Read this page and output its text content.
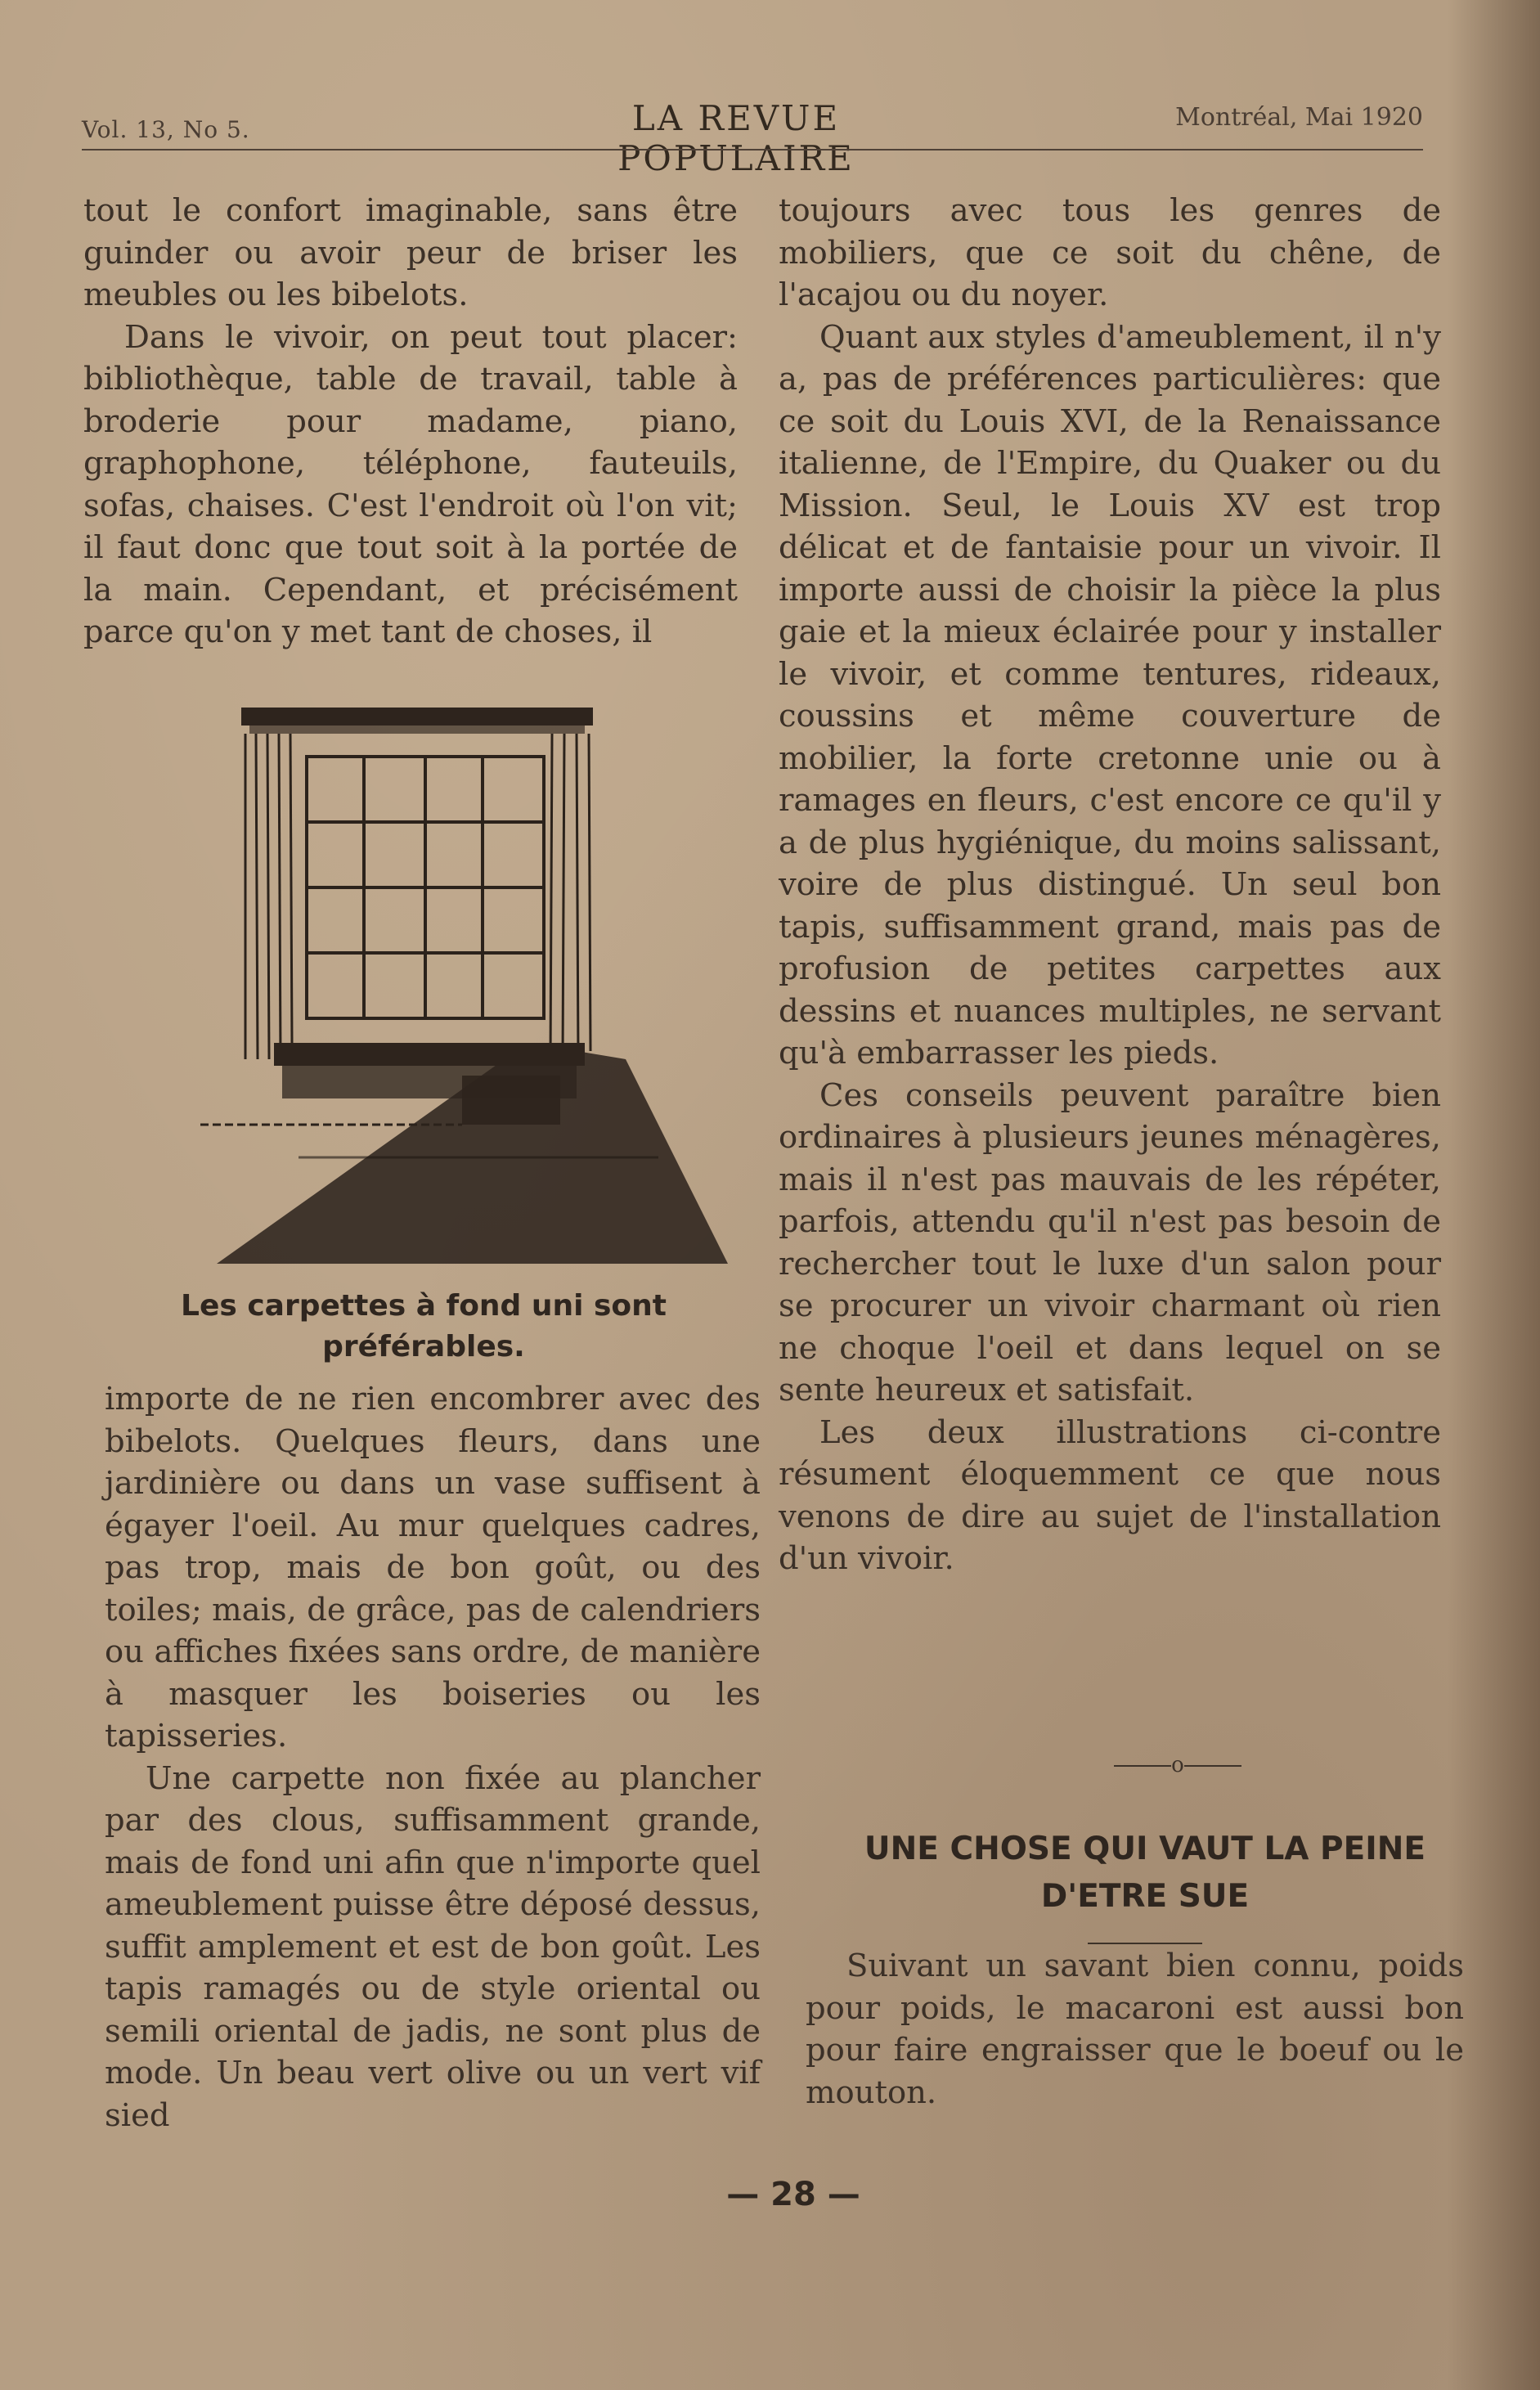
Vol. 13, No 5.	LA REVUE POPULAIRE
Montréal, Mai 1920

tout le confort imaginable, sans être guinder ou avoir peur de briser les meubles ou les bibelots.

Dans le vivoir, on peut tout placer: bibliothèque, table de travail, table à broderie pour madame, piano, graphophone, téléphone, fauteuils, sofas, chaises. C'est l'endroit où l'on vit; il faut donc que tout soit à la portée de la main. Cependant, et précisément parce qu'on y met tant de choses, il

Les carpettes à fond uni sont préférables.

importe de ne rien encombrer avec des bibelots. Quelques fleurs, dans une jardinière ou dans un vase suffisent à égayer l'oeil. Au mur quelques cadres, pas trop, mais de bon goût, ou des toiles; mais, de grâce, pas de calendriers ou affiches fixées sans ordre, de manière à masquer les boiseries ou les tapisseries.

Une carpette non fixée au plancher par des clous, suffisamment grande, mais de fond uni afin que n'importe quel ameublement puisse être déposé dessus, suffit amplement et est de bon goût. Les tapis ramagés ou de style oriental ou semili oriental de jadis, ne sont plus de mode. Un beau vert olive ou un vert vif sied

toujours avec tous les genres de mobiliers, que ce soit du chêne, de l'acajou ou du noyer.

Quant aux styles d'ameublement, il n'y a, pas de préférences particulières: que ce soit du Louis XVI, de la Renaissance italienne, de l'Empire, du Quaker ou du Mission. Seul, le Louis XV est trop délicat et de fantaisie pour un vivoir. Il importe aussi de choisir la pièce la plus gaie et la mieux éclairée pour y installer le vivoir, et comme tentures, rideaux, coussins et même couverture de mobilier, la forte cretonne unie ou à ramages en fleurs, c'est encore ce qu'il y a de plus hygiénique, du moins salissant, voire de plus distingué. Un seul bon tapis, suffisamment grand, mais pas de profusion de petites carpettes aux dessins et nuances multiples, ne servant qu'à embarrasser les pieds.

Ces conseils peuvent paraître bien ordinaires à plusieurs jeunes ménagères, mais il n'est pas mauvais de les répéter, parfois, attendu qu'il n'est pas besoin de rechercher tout le luxe d'un salon pour se procurer un vivoir charmant où rien ne choque l'oeil et dans lequel on se sente heureux et satisfait.

Les deux illustrations ci-contre résument éloquemment ce que nous venons de dire au sujet de l'installation d'un vivoir.

o
UNE CHOSE QUI VAUT LA PEINE D'ETRE SUE

Suivant un savant bien connu, poids pour poids, le macaroni est aussi bon pour faire engraisser que le boeuf ou le mouton.

— 28 —
